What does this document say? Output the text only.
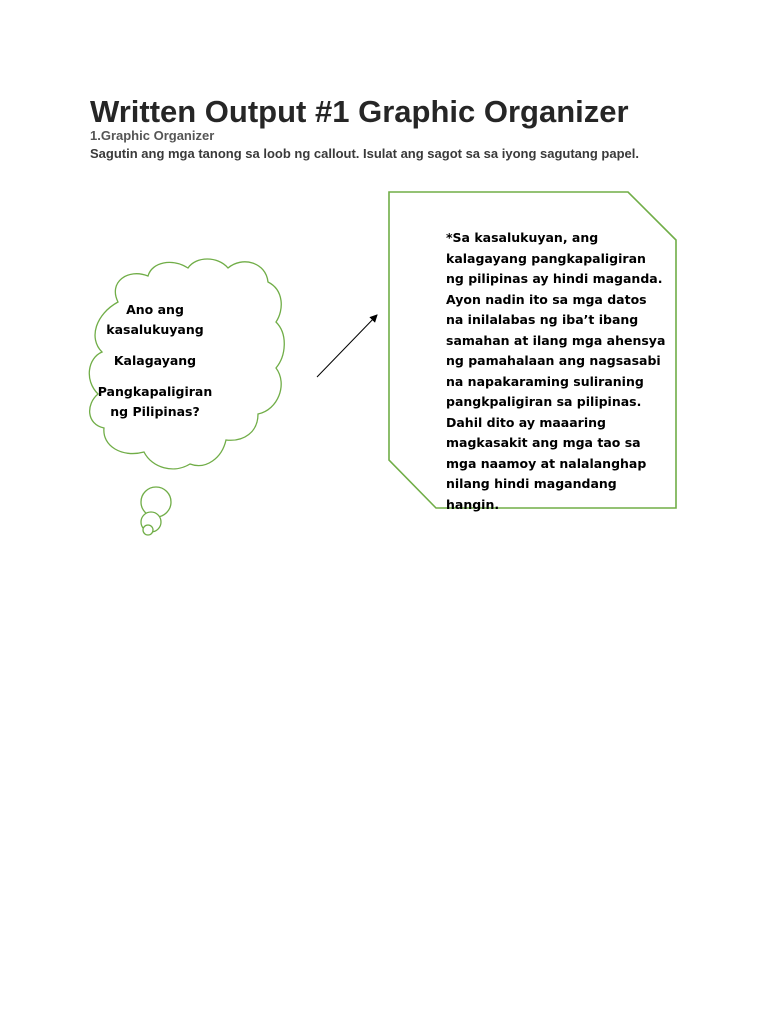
Written Output #1 Graphic Organizer
1.Graphic Organizer
Sagutin ang mga tanong sa loob ng callout. Isulat ang sagot sa sa iyong sagutang papel.

Ano ang

kasalukuyang

Kalagayang

Pangkapaligiran

ng Pilipinas?

*Sa kasalukuyan, ang kalagayang pangkapaligiran ng pilipinas ay hindi maganda. Ayon nadin ito sa mga datos na inilalabas ng iba’t ibang samahan at ilang mga ahensya ng pamahalaan ang nagsasabi na napakaraming suliraning pangkpaligiran sa pilipinas. Dahil dito ay maaaring magkasakit ang mga tao sa mga naamoy at nalalanghap nilang hindi magandang hangin.
